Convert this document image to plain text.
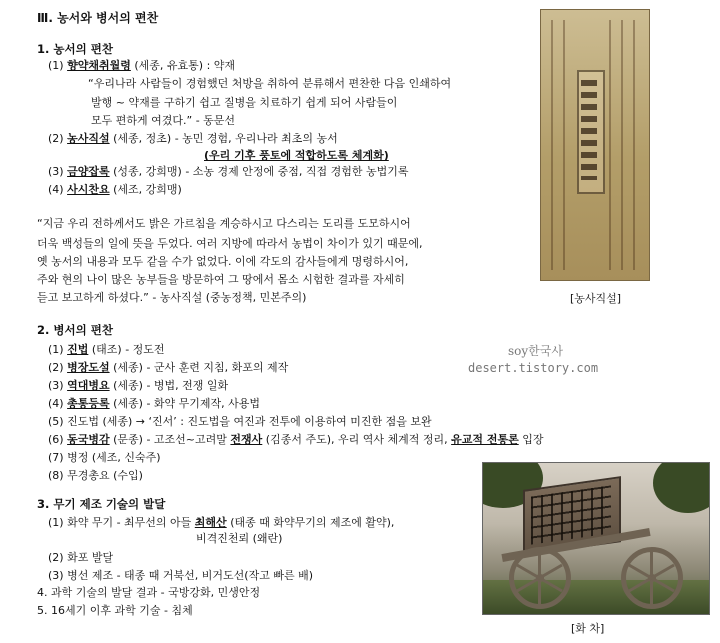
Ⅲ. 농서와 병서의 편찬
1. 농서의 편찬
(1) 향약채취월령 (세종, 유효통) : 약재
“우리나라 사람들이 경험했던 처방을 취하여 분류해서 편찬한 다음 인쇄하여
발행 ~ 약재를 구하기 쉽고 질병을 치료하기 쉽게 되어 사람들이
모두 편하게 여겼다.” - 동문선
(2) 농사직설 (세종, 정초) - 농민 경험, 우리나라 최초의 농서
(우리 기후 풍토에 적합하도록 체계화)
(3) 금양잡록 (성종, 강희맹) - 소농 경제 안정에 중점, 직접 경험한 농법기록
(4) 사시찬요 (세조, 강희맹)
“지금 우리 전하께서도 밝은 가르침을 계승하시고 다스리는 도리를 도모하시어
더욱 백성들의 일에 뜻을 두었다. 여러 지방에 따라서 농법이 차이가 있기 때문에,
옛 농서의 내용과 모두 같을 수가 없었다. 이에 각도의 감사들에게 명령하시어,
주와 현의 나이 많은 농부들을 방문하여 그 땅에서 몸소 시험한 결과를 자세히
듣고 보고하게 하셨다.” - 농사직설 (중농정책, 민본주의)	[농사직설]
2. 병서의 편찬
soy한국사
desert.tistory.com
(1) 진법 (태조) - 정도전
(2) 병장도설 (세종) - 군사 훈련 지침, 화포의 제작
(3) 역대병요 (세종) - 병법, 전쟁 일화
(4) 총통등록 (세종) - 화약 무기제작, 사용법
(5) 진도법 (세종) → ‘진서’ : 진도법을 여진과 전투에 이용하여 미진한 점을 보완
(6) 동국병감 (문종) - 고조선~고려말 전쟁사 (김종서 주도), 우리 역사 체계적 정리, 유교적 전통론 입장
(7) 병정 (세조, 신숙주)
(8) 무경총요 (수입)
3. 무기 제조 기술의 발달
(1) 화약 무기 - 최무선의 아들 최해산 (태종 때 화약무기의 제조에 활약),
비격진천뢰 (왜란)
(2) 화포 발달
(3) 병선 제조 - 태종 때 거북선, 비거도선(작고 빠른 배)
4. 과학 기술의 발달 결과 - 국방강화, 민생안정
5. 16세기 이후 과학 기술 - 침체
[화 차]
